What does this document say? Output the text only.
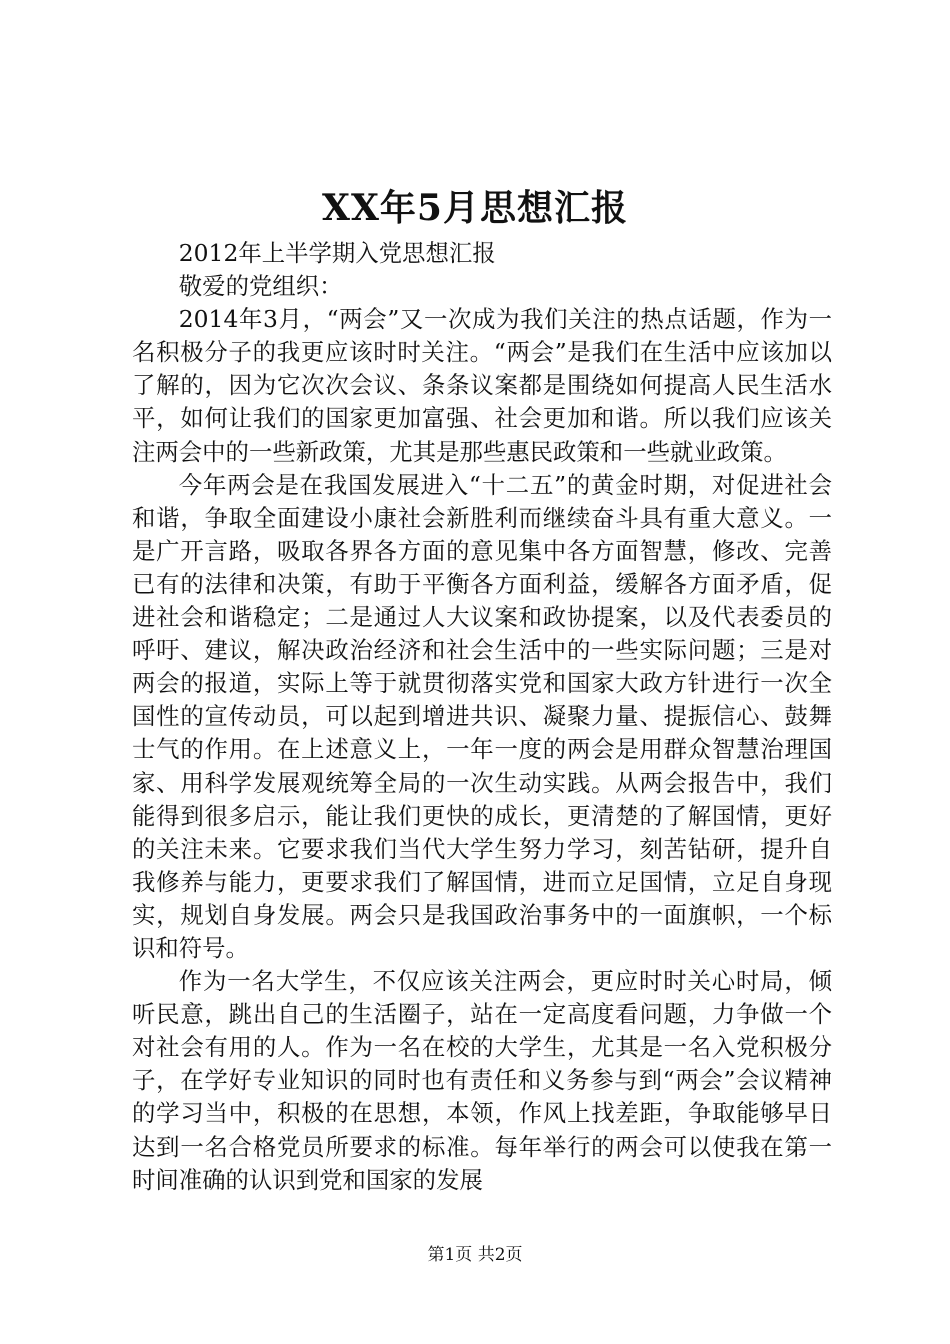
XX年5月思想汇报

2012年上半学期入党思想汇报

敬爱的党组织：

2014年3月，“两会”又一次成为我们关注的热点话题，作为一名积极分子的我更应该时时关注。“两会”是我们在生活中应该加以了解的，因为它次次会议、条条议案都是围绕如何提高人民生活水平，如何让我们的国家更加富强、社会更加和谐。所以我们应该关注两会中的一些新政策，尤其是那些惠民政策和一些就业政策。

今年两会是在我国发展进入“十二五”的黄金时期，对促进社会和谐，争取全面建设小康社会新胜利而继续奋斗具有重大意义。一是广开言路，吸取各界各方面的意见集中各方面智慧，修改、完善已有的法律和决策，有助于平衡各方面利益，缓解各方面矛盾，促进社会和谐稳定；二是通过人大议案和政协提案，以及代表委员的呼吁、建议，解决政治经济和社会生活中的一些实际问题；三是对两会的报道，实际上等于就贯彻落实党和国家大政方针进行一次全国性的宣传动员，可以起到增进共识、凝聚力量、提振信心、鼓舞士气的作用。在上述意义上，一年一度的两会是用群众智慧治理国家、用科学发展观统筹全局的一次生动实践。从两会报告中，我们能得到很多启示，能让我们更快的成长，更清楚的了解国情，更好的关注未来。它要求我们当代大学生努力学习，刻苦钻研，提升自我修养与能力，更要求我们了解国情，进而立足国情，立足自身现实，规划自身发展。两会只是我国政治事务中的一面旗帜，一个标识和符号。

作为一名大学生，不仅应该关注两会，更应时时关心时局，倾听民意，跳出自己的生活圈子，站在一定高度看问题，力争做一个对社会有用的人。作为一名在校的大学生，尤其是一名入党积极分子，在学好专业知识的同时也有责任和义务参与到“两会”会议精神的学习当中，积极的在思想，本领，作风上找差距，争取能够早日达到一名合格党员所要求的标准。每年举行的两会可以使我在第一时间准确的认识到党和国家的发展

第1页 共2页
